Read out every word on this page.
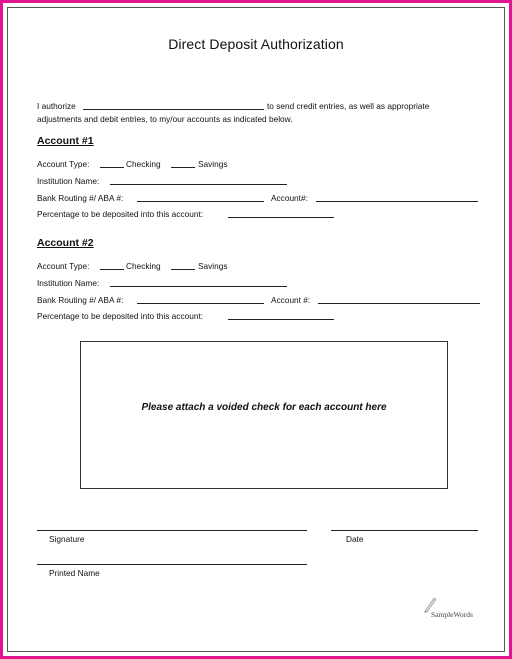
Direct Deposit Authorization
I authorize	to send credit entries, as well as appropriate
adjustments and debit entries, to my/our accounts as indicated below.
Account #1
Account Type:	Checking	Savings
Institution Name:
Bank Routing #/ ABA #:	Account#:
Percentage to be deposited into this account:
Account #2
Account Type:	Checking	Savings
Institution Name:
Bank Routing #/ ABA #:	Account #:
Percentage to be deposited into this account:
Please attach a voided check for each account here
Signature	Date
Printed Name
SampleWords
